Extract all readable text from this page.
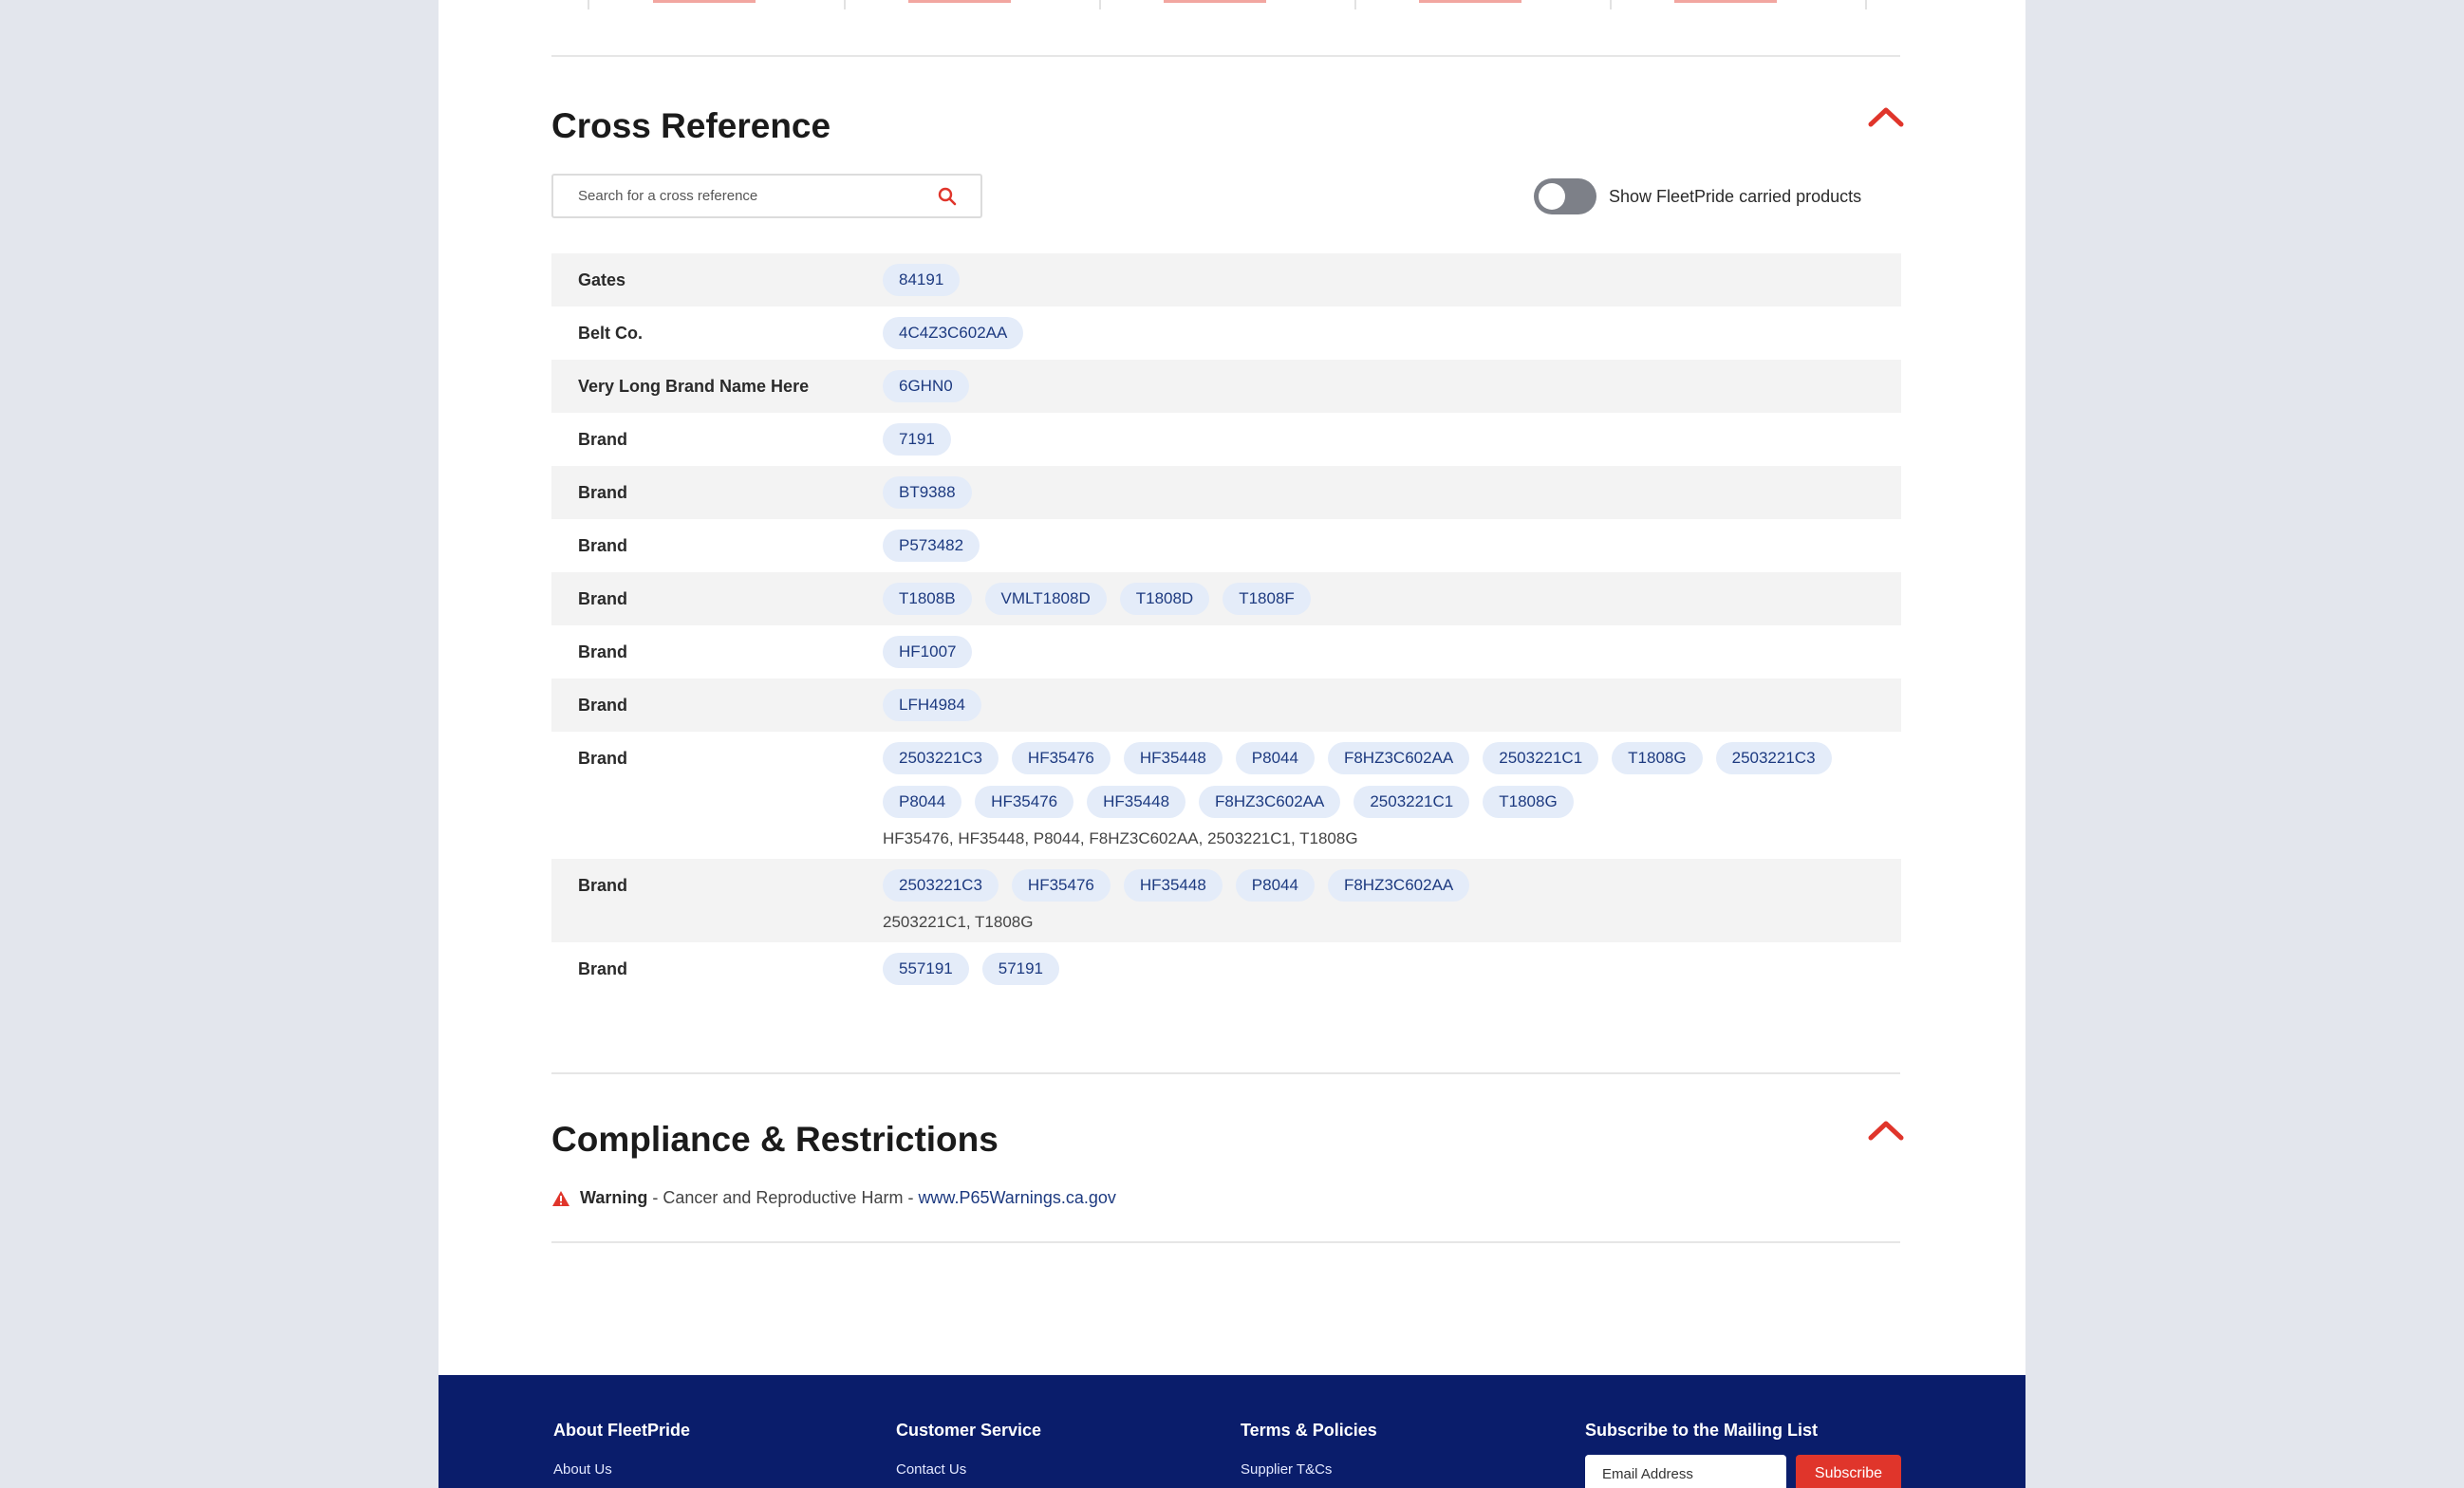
Cross Reference
Search for a cross reference
Show FleetPride carried products
Gates	84191
Belt Co.	4C4Z3C602AA
Very Long Brand Name Here	6GHN0
Brand	7191
Brand	BT9388
Brand	P573482
Brand	T1808B	VMLT1808D	T1808D	T1808F
Brand	HF1007
Brand	LFH4984
Brand	2503221C3	HF35476	HF35448	P8044	F8HZ3C602AA	2503221C1	T1808G	2503221C3
P8044	HF35476	HF35448	F8HZ3C602AA	2503221C1	T1808G
HF35476, HF35448, P8044, F8HZ3C602AA, 2503221C1, T1808G
Brand	2503221C3	HF35476	HF35448	P8044	F8HZ3C602AA
2503221C1, T1808G
Brand	557191	57191
Compliance & Restrictions
Warning - Cancer and Reproductive Harm - www.P65Warnings.ca.gov
About FleetPride
About Us
Customer Service
Contact Us
Terms & Policies
Supplier T&Cs
Subscribe to the Mailing List
Email Address
Subscribe
